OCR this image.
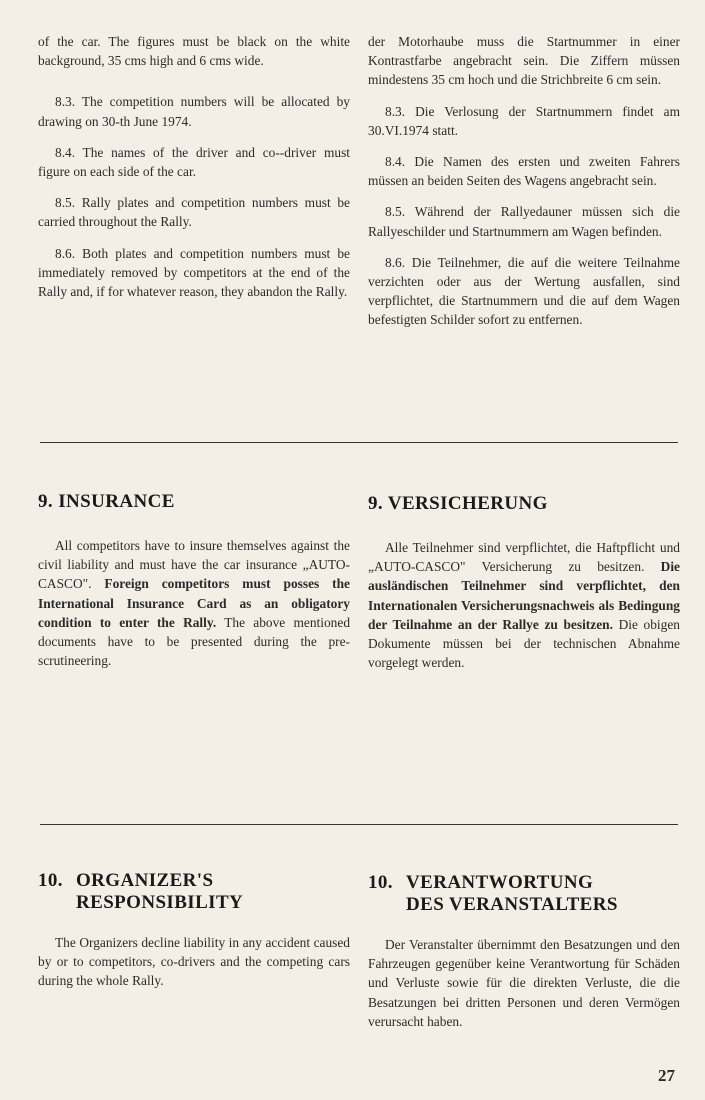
of the car. The figures must be black on the white background, 35 cms high and 6 cms wide.

8.3. The competition numbers will be allocated by drawing on 30-th June 1974.

8.4. The names of the driver and co--driver must figure on each side of the car.

8.5. Rally plates and competition numbers must be carried throughout the Rally.

8.6. Both plates and competition numbers must be immediately removed by competitors at the end of the Rally and, if for whatever reason, they abandon the Rally.

der Motorhaube muss die Startnummer in einer Kontrastfarbe angebracht sein. Die Ziffern müssen mindestens 35 cm hoch und die Strichbreite 6 cm sein.

8.3. Die Verlosung der Startnummern findet am 30.VI.1974 statt.

8.4. Die Namen des ersten und zweiten Fahrers müssen an beiden Seiten des Wagens angebracht sein.

8.5. Während der Rallyedauner müssen sich die Rallyeschilder und Startnummern am Wagen befinden.

8.6. Die Teilnehmer, die auf die weitere Teilnahme verzichten oder aus der Wertung ausfallen, sind verpflichtet, die Startnummern und die auf dem Wagen befestigten Schilder sofort zu entfernen.

9. INSURANCE	9. VERSICHERUNG

All competitors have to insure themselves against the civil liability and must have the car insurance „AUTO-CASCO". Foreign competitors must posses the International Insurance Card as an obligatory condition to enter the Rally. The above mentioned documents have to be presented during the pre-scrutineering.

Alle Teilnehmer sind verpflichtet, die Haftpflicht und „AUTO-CASCO" Versicherung zu besitzen. Die ausländischen Teilnehmer sind verpflichtet, den Internationalen Versicherungsnachweis als Bedingung der Teilnahme an der Rallye zu besitzen. Die obigen Dokumente müssen bei der technischen Abnahme vorgelegt werden.

10. ORGANIZER'S
RESPONSIBILITY
10. VERANTWORTUNG
DES VERANSTALTERS

The Organizers decline liability in any accident caused by or to competitors, co-drivers and the competing cars during the whole Rally.

Der Veranstalter übernimmt den Besatzungen und den Fahrzeugen gegenüber keine Verantwortung für Schäden und Verluste sowie für die direkten Verluste, die die Besatzungen bei dritten Personen und deren Vermögen verursacht haben.

27
